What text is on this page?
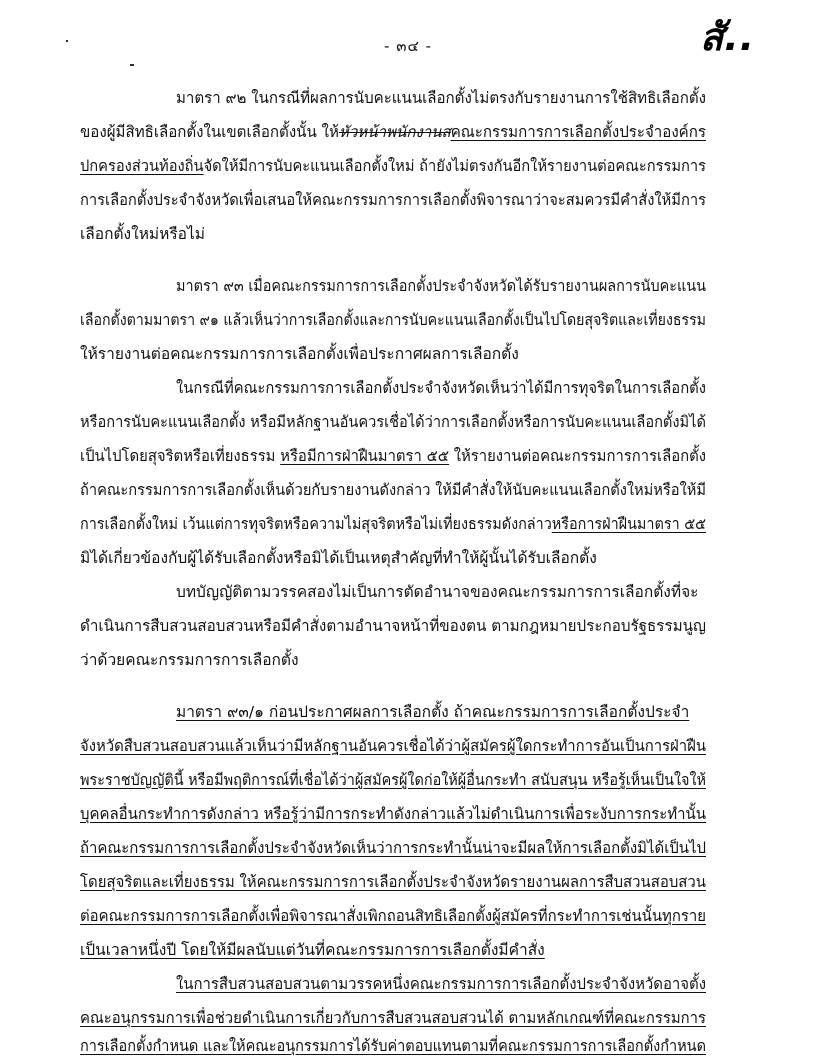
- ๓๔ -	สั..
มาตรา ๙๒ ในกรณีที่ผลการนับคะแนนเลือกตั้งไม่ตรงกับรายงานการใช้สิทธิเลือกตั้ง
ของผู้มีสิทธิเลือกตั้งในเขตเลือกตั้งนั้น ให้หัวหน้าพนักงานสคณะกรรมการการเลือกตั้งประจำองค์กร
ปกครองส่วนท้องถิ่นจัดให้มีการนับคะแนนเลือกตั้งใหม่ ถ้ายังไม่ตรงกันอีกให้รายงานต่อคณะกรรมการ
การเลือกตั้งประจำจังหวัดเพื่อเสนอให้คณะกรรมการการเลือกตั้งพิจารณาว่าจะสมควรมีคำสั่งให้มีการ
เลือกตั้งใหม่หรือไม่
มาตรา ๙๓ เมื่อคณะกรรมการการเลือกตั้งประจำจังหวัดได้รับรายงานผลการนับคะแนน
เลือกตั้งตามมาตรา ๙๑ แล้วเห็นว่าการเลือกตั้งและการนับคะแนนเลือกตั้งเป็นไปโดยสุจริตและเที่ยงธรรม
ให้รายงานต่อคณะกรรมการการเลือกตั้งเพื่อประกาศผลการเลือกตั้ง
ในกรณีที่คณะกรรมการการเลือกตั้งประจำจังหวัดเห็นว่าได้มีการทุจริตในการเลือกตั้ง
หรือการนับคะแนนเลือกตั้ง หรือมีหลักฐานอันควรเชื่อได้ว่าการเลือกตั้งหรือการนับคะแนนเลือกตั้งมิได้
เป็นไปโดยสุจริตหรือเที่ยงธรรม หรือมีการฝ่าฝืนมาตรา ๕๕ ให้รายงานต่อคณะกรรมการการเลือกตั้ง
ถ้าคณะกรรมการการเลือกตั้งเห็นด้วยกับรายงานดังกล่าว ให้มีคำสั่งให้นับคะแนนเลือกตั้งใหม่หรือให้มี
การเลือกตั้งใหม่ เว้นแต่การทุจริตหรือความไม่สุจริตหรือไม่เที่ยงธรรมดังกล่าวหรือการฝ่าฝืนมาตรา ๕๕
มิได้เกี่ยวข้องกับผู้ได้รับเลือกตั้งหรือมิได้เป็นเหตุสำคัญที่ทำให้ผู้นั้นได้รับเลือกตั้ง
บทบัญญัติตามวรรคสองไม่เป็นการตัดอำนาจของคณะกรรมการการเลือกตั้งที่จะ
ดำเนินการสืบสวนสอบสวนหรือมีคำสั่งตามอำนาจหน้าที่ของตน ตามกฎหมายประกอบรัฐธรรมนูญ
ว่าด้วยคณะกรรมการการเลือกตั้ง
มาตรา ๙๓/๑ ก่อนประกาศผลการเลือกตั้ง ถ้าคณะกรรมการการเลือกตั้งประจำ
จังหวัดสืบสวนสอบสวนแล้วเห็นว่ามีหลักฐานอันควรเชื่อได้ว่าผู้สมัครผู้ใดกระทำการอันเป็นการฝ่าฝืน
พระราชบัญญัตินี้ หรือมีพฤติการณ์ที่เชื่อได้ว่าผู้สมัครผู้ใดก่อให้ผู้อื่นกระทำ สนับสนุน หรือรู้เห็นเป็นใจให้
บุคคลอื่นกระทำการดังกล่าว หรือรู้ว่ามีการกระทำดังกล่าวแล้วไม่ดำเนินการเพื่อระงับการกระทำนั้น
ถ้าคณะกรรมการการเลือกตั้งประจำจังหวัดเห็นว่าการกระทำนั้นน่าจะมีผลให้การเลือกตั้งมิได้เป็นไป
โดยสุจริตและเที่ยงธรรม ให้คณะกรรมการการเลือกตั้งประจำจังหวัดรายงานผลการสืบสวนสอบสวน
ต่อคณะกรรมการการเลือกตั้งเพื่อพิจารณาสั่งเพิกถอนสิทธิเลือกตั้งผู้สมัครที่กระทำการเช่นนั้นทุกราย
เป็นเวลาหนึ่งปี โดยให้มีผลนับแต่วันที่คณะกรรมการการเลือกตั้งมีคำสั่ง
ในการสืบสวนสอบสวนตามวรรคหนึ่งคณะกรรมการการเลือกตั้งประจำจังหวัดอาจตั้ง
คณะอนุกรรมการเพื่อช่วยดำเนินการเกี่ยวกับการสืบสวนสอบสวนได้ ตามหลักเกณฑ์ที่คณะกรรมการ
การเลือกตั้งกำหนด และให้คณะอนุกรรมการได้รับค่าตอบแทนตามที่คณะกรรมการการเลือกตั้งกำหนด
